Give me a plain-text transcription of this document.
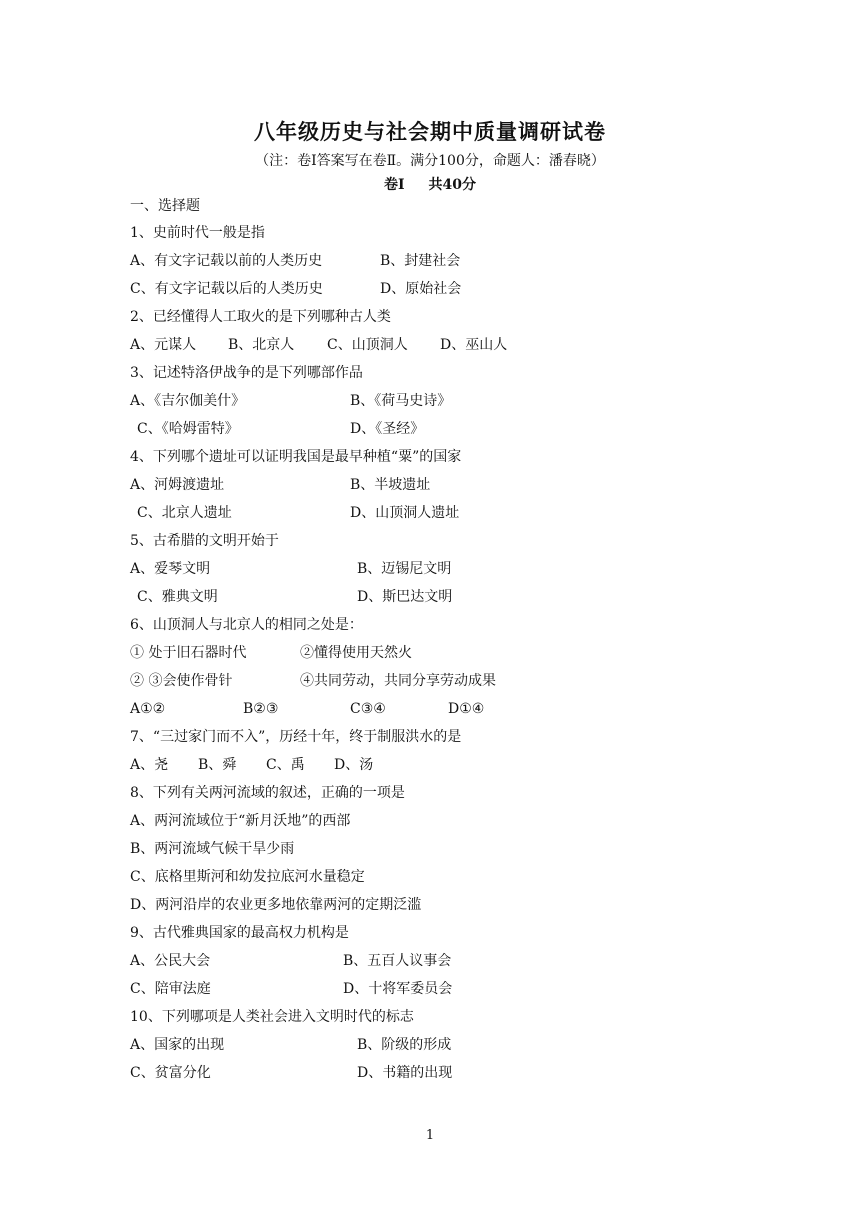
八年级历史与社会期中质量调研试卷
（注：卷Ⅰ答案写在卷Ⅱ。满分100分，命题人：潘春晓）
卷Ⅰ 共40分
一、选择题
1、史前时代一般是指
A、有文字记载以前的人类历史	B、封建社会
C、有文字记载以后的人类历史	D、原始社会
2、已经懂得人工取火的是下列哪种古人类
A、元谋人 B、北京人 C、山顶洞人 D、巫山人
3、记述特洛伊战争的是下列哪部作品
A、《吉尔伽美什》	B、《荷马史诗》
C、《哈姆雷特》	D、《圣经》
4、下列哪个遗址可以证明我国是最早种植“粟”的国家
A、河姆渡遗址	B、半坡遗址
C、北京人遗址	D、山顶洞人遗址
5、古希腊的文明开始于
A、爱琴文明	B、迈锡尼文明
C、雅典文明	D、斯巴达文明
6、山顶洞人与北京人的相同之处是：
① 处于旧石器时代	②懂得使用天然火
② ③会使作骨针	④共同劳动，共同分享劳动成果
A①②	B②③	C③④	D①④
7、“三过家门而不入”，历经十年，终于制服洪水的是
A、尧 B、舜 C、禹 D、汤
8、下列有关两河流域的叙述，正确的一项是
A、两河流域位于“新月沃地”的西部
B、两河流域气候干旱少雨
C、底格里斯河和幼发拉底河水量稳定
D、两河沿岸的农业更多地依靠两河的定期泛滥
9、古代雅典国家的最高权力机构是
A、公民大会	B、五百人议事会
C、陪审法庭	D、十将军委员会
10、下列哪项是人类社会进入文明时代的标志
A、国家的出现	B、阶级的形成
C、贫富分化	D、书籍的出现
1
